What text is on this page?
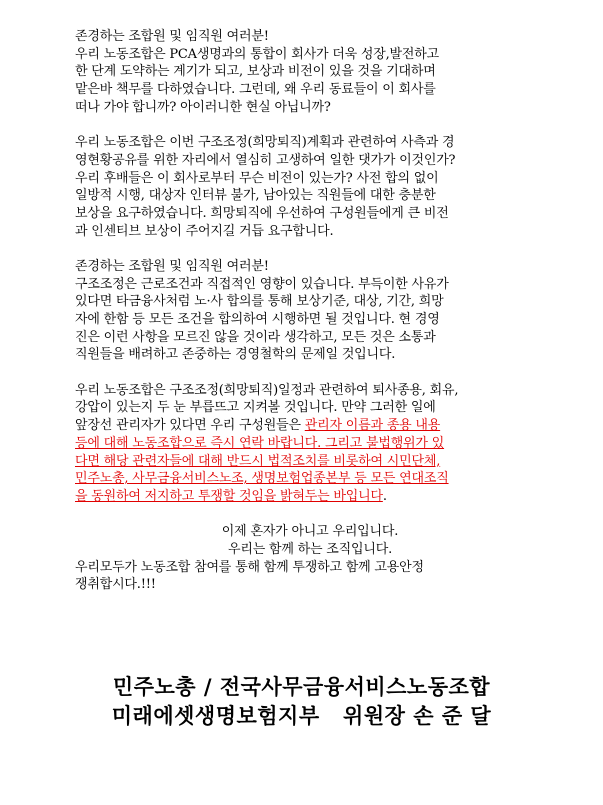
존경하는 조합원 및 임직원 여러분!
우리 노동조합은 PCA생명과의 통합이 회사가 더욱 성장,발전하고
한 단계 도약하는 계기가 되고, 보상과 비전이 있을 것을 기대하며
맡은바 책무를 다하였습니다. 그런데, 왜 우리 동료들이 이 회사를
떠나 가야 합니까? 아이러니한 현실 아닙니까?
우리 노동조합은 이번 구조조정(희망퇴직)계획과 관련하여 사측과 경
영현황공유를 위한 자리에서 열심히 고생하여 일한 댓가가 이것인가?
우리 후배들은 이 회사로부터 무슨 비전이 있는가? 사전 합의 없이
일방적 시행, 대상자 인터뷰 불가, 남아있는 직원들에 대한 충분한
보상을 요구하였습니다. 희망퇴직에 우선하여 구성원들에게 큰 비전
과 인센티브 보상이 주어지길 거듭 요구합니다.
존경하는 조합원 및 임직원 여러분!
구조조정은 근로조건과 직접적인 영향이 있습니다. 부득이한 사유가
있다면 타금융사처럼 노·사 합의를 통해 보상기준, 대상, 기간, 희망
자에 한함 등 모든 조건을 합의하여 시행하면 될 것입니다. 현 경영
진은 이런 사항을 모르진 않을 것이라 생각하고, 모든 것은 소통과
직원들을 배려하고 존중하는 경영철학의 문제일 것입니다.
우리 노동조합은 구조조정(희망퇴직)일정과 관련하여 퇴사종용, 회유,
강압이 있는지 두 눈 부릅뜨고 지켜볼 것입니다. 만약 그러한 일에
앞장선 관리자가 있다면 우리 구성원들은 관리자 이름과 종용 내용
등에 대해 노동조합으로 즉시 연락 바랍니다. 그리고 불법행위가 있
다면 해당 관련자들에 대해 반드시 법적조치를 비롯하여 시민단체,
민주노총, 사무금융서비스노조, 생명보험업종본부 등 모든 연대조직
을 동원하여 저지하고 투쟁할 것임을 밝혀두는 바입니다.
이제 혼자가 아니고 우리입니다.
우리는 함께 하는 조직입니다.
우리모두가 노동조합 참여를 통해 함께 투쟁하고 함께 고용안정
쟁취합시다.!!!
민주노총 / 전국사무금융서비스노동조합
미래에셋생명보험지부   위원장 손 준 달
